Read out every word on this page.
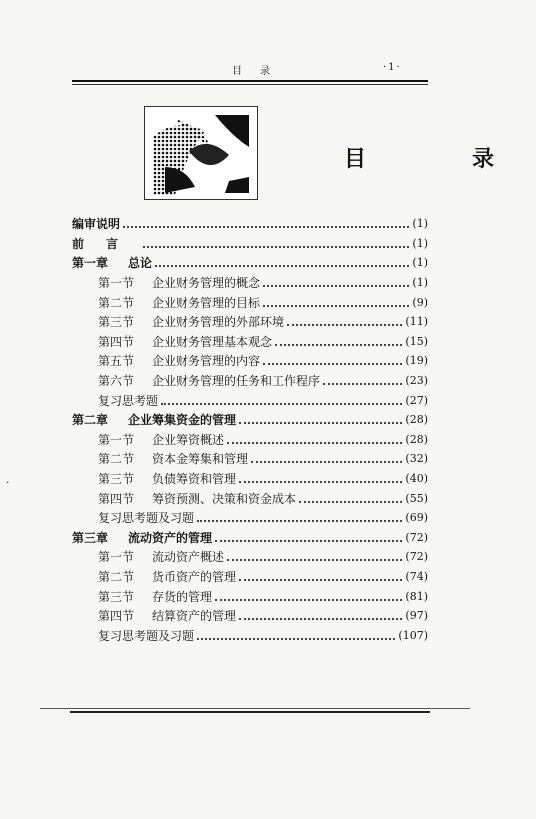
目录	·1·
目　录
编审说明	(1)
前言	(1)
第一章 总论	(1)
第一节 企业财务管理的概念	(1)
第二节 企业财务管理的目标	(9)
第三节 企业财务管理的外部环境	(11)
第四节 企业财务管理基本观念	(15)
第五节 企业财务管理的内容	(19)
第六节 企业财务管理的任务和工作程序	(23)
复习思考题	(27)
第二章 企业筹集资金的管理	(28)
第一节 企业筹资概述	(28)
第二节 资本金筹集和管理	(32)
第三节 负债筹资和管理	(40)
第四节 筹资预测、决策和资金成本	(55)
复习思考题及习题	(69)
第三章 流动资产的管理	(72)
第一节 流动资产概述	(72)
第二节 货币资产的管理	(74)
第三节 存货的管理	(81)
第四节 结算资产的管理	(97)
复习思考题及习题	(107)
·
